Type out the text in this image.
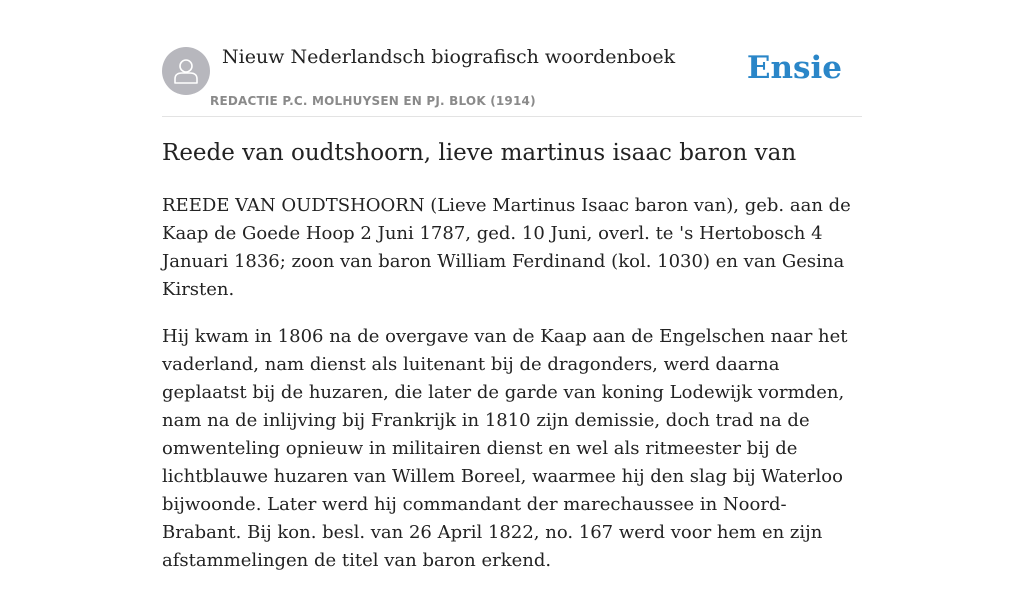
Nieuw Nederlandsch biografisch woordenboek
REDACTIE P.C. MOLHUYSEN EN PJ. BLOK (1914)
Ensie
Reede van oudtshoorn, lieve martinus isaac baron van

REEDE VAN OUDTSHOORN (Lieve Martinus Isaac baron van), geb. aan de Kaap de Goede Hoop 2 Juni 1787, ged. 10 Juni, overl. te 's Hertobosch 4 Januari 1836; zoon van baron William Ferdinand (kol. 1030) en van Gesina Kirsten.

Hij kwam in 1806 na de overgave van de Kaap aan de Engelschen naar het vaderland, nam dienst als luitenant bij de dragonders, werd daarna geplaatst bij de huzaren, die later de garde van koning Lodewijk vormden, nam na de inlijving bij Frankrijk in 1810 zijn demissie, doch trad na de omwenteling opnieuw in militairen dienst en wel als ritmeester bij de lichtblauwe huzaren van Willem Boreel, waarmee hij den slag bij Waterloo bijwoonde. Later werd hij commandant der marechaussee in Noord-Brabant. Bij kon. besl. van 26 April 1822, no. 167 werd voor hem en zijn afstammelingen de titel van baron erkend.
